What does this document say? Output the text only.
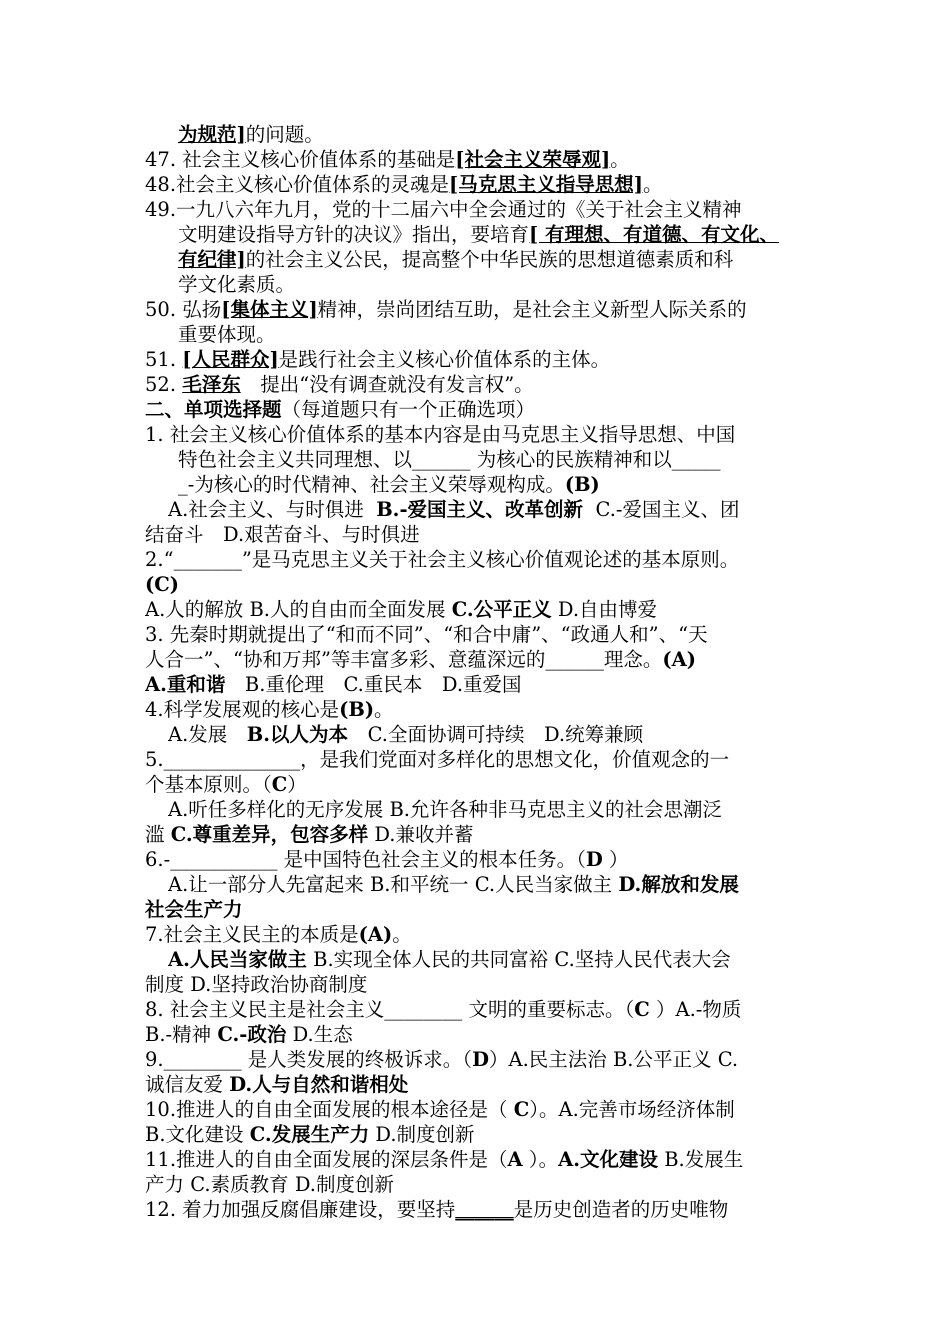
为规范]的问题。
47. 社会主义核心价值体系的基础是[社会主义荣辱观]。
48.社会主义核心价值体系的灵魂是[马克思主义指导思想]。
49.一九八六年九月，党的十二届六中全会通过的《关于社会主义精神
文明建设指导方针的决议》指出，要培育[ 有理想、有道德、有文化、
有纪律]的社会主义公民，提高整个中华民族的思想道德素质和科
学文化素质。
50. 弘扬[集体主义]精神，崇尚团结互助，是社会主义新型人际关系的
重要体现。
51. [人民群众]是践行社会主义核心价值体系的主体。
52. 毛泽东　提出“没有调查就没有发言权”。
二、单项选择题（每道题只有一个正确选项）
1. 社会主义核心价值体系的基本内容是由马克思主义指导思想、中国
特色社会主义共同理想、以______ 为核心的民族精神和以_____
_-为核心的时代精神、社会主义荣辱观构成。(B)
A.社会主义、与时俱进 B.-爱国主义、改革创新 C.-爱国主义、团
结奋斗　D.艰苦奋斗、与时俱进
2.“_______”是马克思主义关于社会主义核心价值观论述的基本原则。
(C)
A.人的解放 B.人的自由而全面发展 C.公平正义 D.自由博爱
3. 先秦时期就提出了“和而不同”、“和合中庸”、“政通人和”、“天
人合一”、“协和万邦”等丰富多彩、意蕴深远的______理念。(A)
A.重和谐　B.重伦理　C.重民本　D.重爱国
4.科学发展观的核心是(B)。
A.发展　B.以人为本　C.全面协调可持续　D.统筹兼顾
5.______________，是我们党面对多样化的思想文化，价值观念的一
个基本原则。（C）
A.听任多样化的无序发展 B.允许各种非马克思主义的社会思潮泛
滥 C.尊重差异，包容多样 D.兼收并蓄
6.-___________ 是中国特色社会主义的根本任务。（D ）
A.让一部分人先富起来 B.和平统一 C.人民当家做主 D.解放和发展
社会生产力
7.社会主义民主的本质是(A)。
A.人民当家做主 B.实现全体人民的共同富裕 C.坚持人民代表大会
制度 D.坚持政治协商制度
8. 社会主义民主是社会主义________ 文明的重要标志。（C ）A.-物质
B.-精神 C.-政治 D.生态
9.________ 是人类发展的终极诉求。（D）A.民主法治 B.公平正义 C.
诚信友爱 D.人与自然和谐相处
10.推进人的自由全面发展的根本途径是（ C）。A.完善市场经济体制
B.文化建设 C.发展生产力 D.制度创新
11.推进人的自由全面发展的深层条件是（A ）。A.文化建设 B.发展生
产力 C.素质教育 D.制度创新
12. 着力加强反腐倡廉建设，要坚持______是历史创造者的历史唯物
